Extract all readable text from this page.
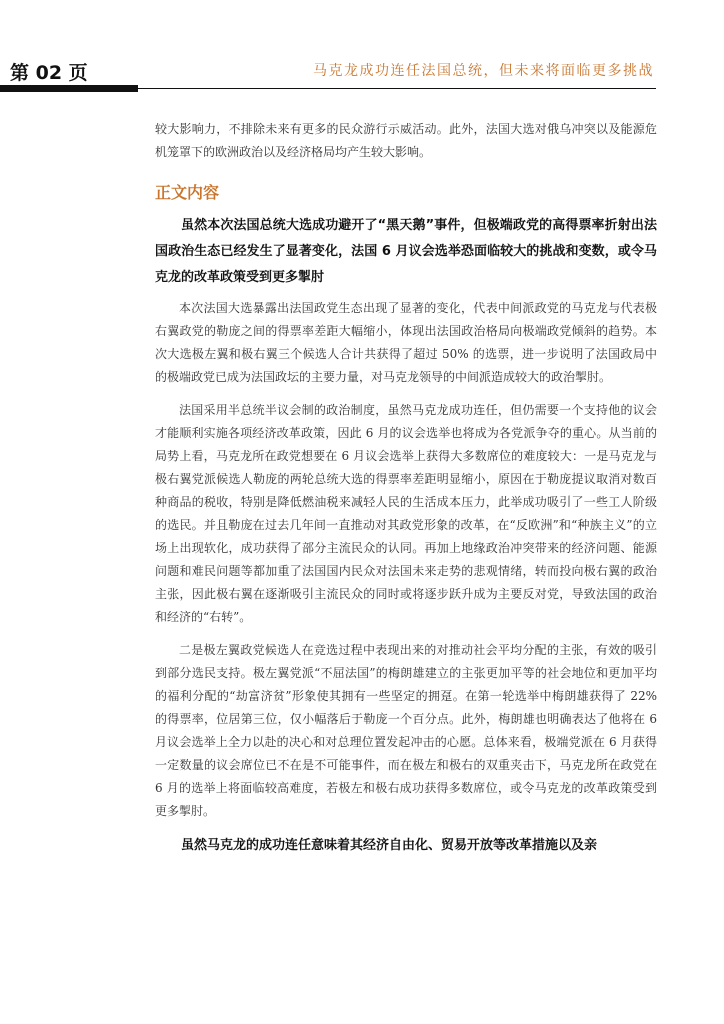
第 02 页	马克龙成功连任法国总统，但未来将面临更多挑战

较大影响力，不排除未来有更多的民众游行示威活动。此外，法国大选对俄乌冲突以及能源危机笼罩下的欧洲政治以及经济格局均产生较大影响。

正文内容

虽然本次法国总统大选成功避开了“黑天鹅”事件，但极端政党的高得票率折射出法国政治生态已经发生了显著变化，法国 6 月议会选举恐面临较大的挑战和变数，或令马克龙的改革政策受到更多掣肘

本次法国大选暴露出法国政党生态出现了显著的变化，代表中间派政党的马克龙与代表极右翼政党的勒庞之间的得票率差距大幅缩小，体现出法国政治格局向极端政党倾斜的趋势。本次大选极左翼和极右翼三个候选人合计共获得了超过 50% 的选票，进一步说明了法国政局中的极端政党已成为法国政坛的主要力量，对马克龙领导的中间派造成较大的政治掣肘。

法国采用半总统半议会制的政治制度，虽然马克龙成功连任，但仍需要一个支持他的议会才能顺利实施各项经济改革政策，因此 6 月的议会选举也将成为各党派争夺的重心。从当前的局势上看，马克龙所在政党想要在 6 月议会选举上获得大多数席位的难度较大：一是马克龙与极右翼党派候选人勒庞的两轮总统大选的得票率差距明显缩小，原因在于勒庞提议取消对数百种商品的税收，特别是降低燃油税来减轻人民的生活成本压力，此举成功吸引了一些工人阶级的选民。并且勒庞在过去几年间一直推动对其政党形象的改革，在“反欧洲”和“种族主义”的立场上出现软化，成功获得了部分主流民众的认同。再加上地缘政治冲突带来的经济问题、能源问题和难民问题等都加重了法国国内民众对法国未来走势的悲观情绪，转而投向极右翼的政治主张，因此极右翼在逐渐吸引主流民众的同时或将逐步跃升成为主要反对党，导致法国的政治和经济的“右转”。

二是极左翼政党候选人在竞选过程中表现出来的对推动社会平均分配的主张，有效的吸引到部分选民支持。极左翼党派“不屈法国”的梅朗雄建立的主张更加平等的社会地位和更加平均的福利分配的“劫富济贫”形象使其拥有一些坚定的拥趸。在第一轮选举中梅朗雄获得了 22% 的得票率，位居第三位，仅小幅落后于勒庞一个百分点。此外，梅朗雄也明确表达了他将在 6 月议会选举上全力以赴的决心和对总理位置发起冲击的心愿。总体来看，极端党派在 6 月获得一定数量的议会席位已不在是不可能事件，而在极左和极右的双重夹击下，马克龙所在政党在 6 月的选举上将面临较高难度，若极左和极右成功获得多数席位，或令马克龙的改革政策受到更多掣肘。

虽然马克龙的成功连任意味着其经济自由化、贸易开放等改革措施以及亲
